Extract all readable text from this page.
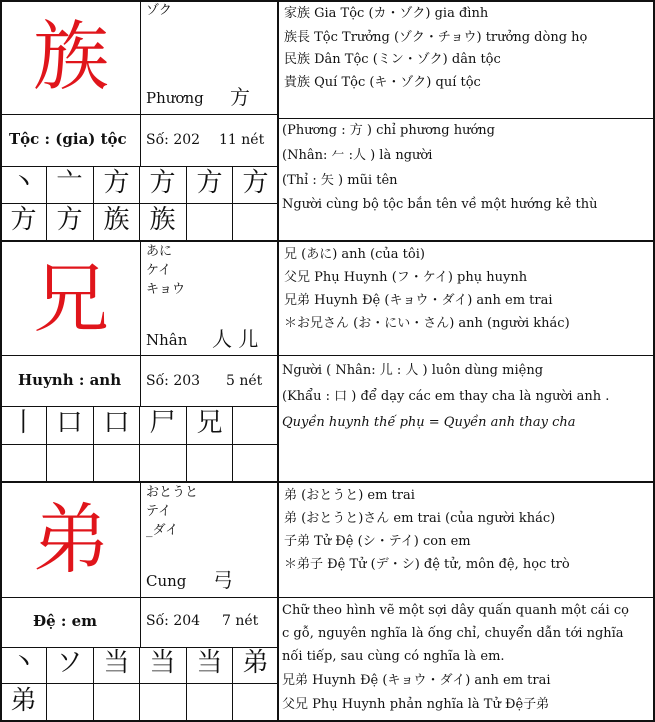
族
ゾク
Phương 方
Tộc : (gia) tộc Số: 202 11 nét
丶 亠 方 方 方 方
方 方 族 族
家族 Gia Tộc (カ・ゾク) gia đình
族長 Tộc Trưởng (ゾク・チョウ) trưởng dòng họ
民族 Dân Tộc (ミン・ゾク) dân tộc
貴族 Quí Tộc (キ・ゾク) quí tộc
(Phương : 方 ) chỉ phương hướng
(Nhân: 𠂉 :人 ) là người
(Thỉ : 矢 ) mũi tên
Người cùng bộ tộc bắn tên về một hướng kẻ thù
兄
あに
ケイ
キョウ
Nhân 人 儿
Huynh : anh Số: 203 5 nét
丨 口 口 尸 兄
兄 (あに) anh (của tôi)
父兄 Phụ Huynh (フ・ケイ) phụ huynh
兄弟 Huynh Đệ (キョウ・ダイ) anh em trai
＊お兄さん (お・にい・さん) anh (người khác)
Người ( Nhân: 儿 : 人 ) luôn dùng miệng
(Khẩu : 口 ) để dạy các em thay cha là người anh .
Quyền huynh thế phụ = Quyền anh thay cha
弟
おとうと
テイ
_ダイ
Cung 弓
Đệ : em	Số: 204 7 nét
丶 ソ 当 当 当 弟
弟
弟 (おとうと) em trai
弟 (おとうと)さん em trai (của người khác)
子弟 Tử Đệ (シ・テイ) con em
＊弟子 Đệ Tử (デ・シ) đệ tử, môn đệ, học trò
Chữ theo hình vẽ một sợi dây quấn quanh một cái cọ
c gỗ, nguyên nghĩa là ống chỉ, chuyển dẫn tới nghĩa
nối tiếp, sau cùng có nghĩa là em.
兄弟 Huynh Đệ (キョウ・ダイ) anh em trai
父兄 Phụ Huynh phản nghĩa là Tử Đệ子弟
